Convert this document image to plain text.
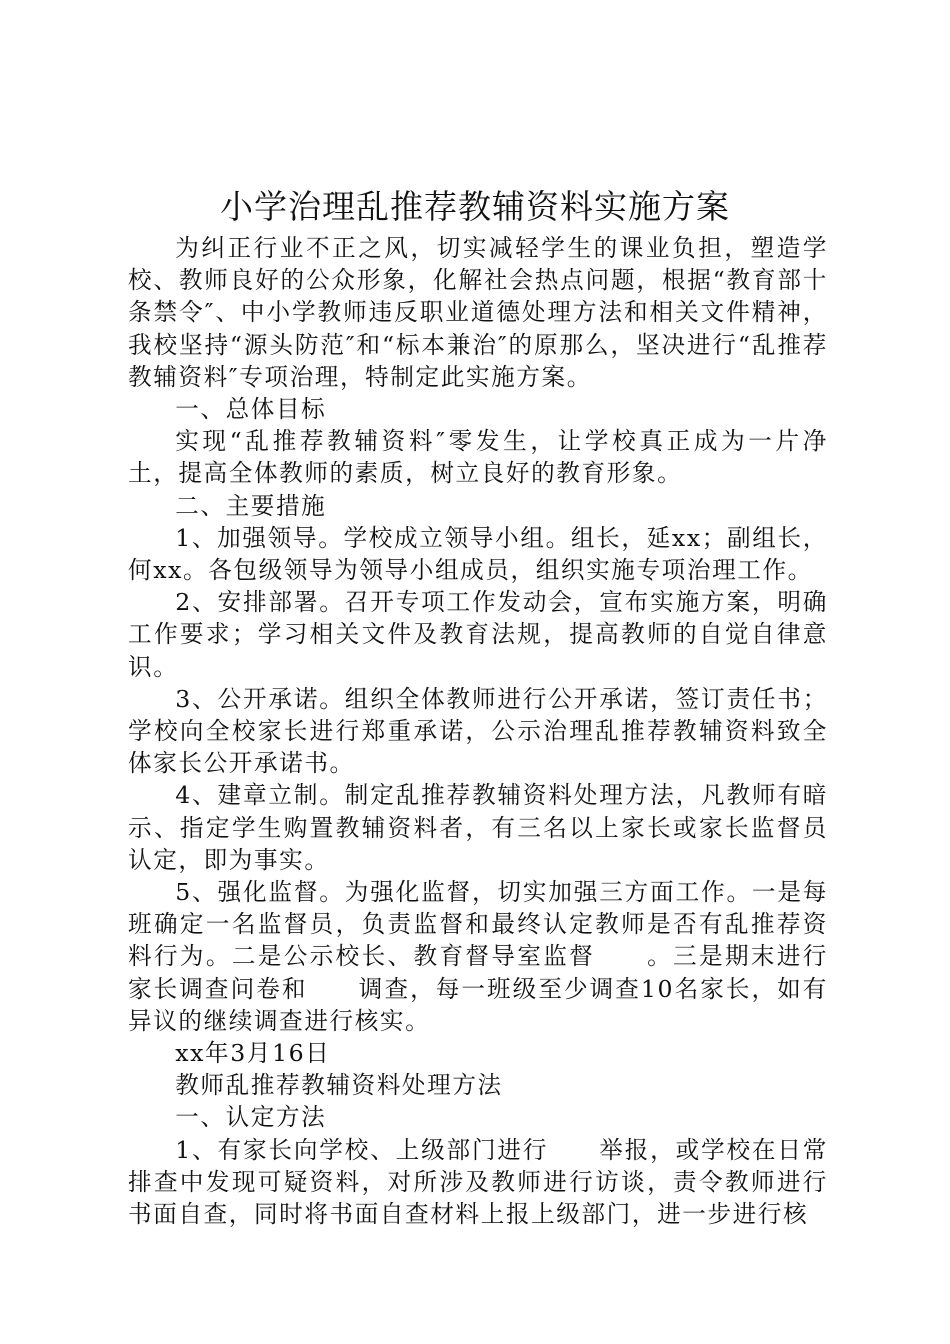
小学治理乱推荐教辅资料实施方案

为纠正行业不正之风，切实减轻学生的课业负担，塑造学校、教师良好的公众形象，化解社会热点问题，根据“教育部十条禁令″、中小学教师违反职业道德处理方法和相关文件精神，我校坚持“源头防范″和“标本兼治″的原那么，坚决进行“乱推荐教辅资料″专项治理，特制定此实施方案。

一、总体目标

实现“乱推荐教辅资料″零发生，让学校真正成为一片净土，提高全体教师的素质，树立良好的教育形象。

二、主要措施

1、加强领导。学校成立领导小组。组长，延xx；副组长，何xx。各包级领导为领导小组成员，组织实施专项治理工作。

2、安排部署。召开专项工作发动会，宣布实施方案，明确工作要求；学习相关文件及教育法规，提高教师的自觉自律意识。

3、公开承诺。组织全体教师进行公开承诺，签订责任书；学校向全校家长进行郑重承诺，公示治理乱推荐教辅资料致全体家长公开承诺书。

4、建章立制。制定乱推荐教辅资料处理方法，凡教师有暗示、指定学生购置教辅资料者，有三名以上家长或家长监督员认定，即为事实。

5、强化监督。为强化监督，切实加强三方面工作。一是每班确定一名监督员，负责监督和最终认定教师是否有乱推荐资料行为。二是公示校长、教育督导室监督　　。三是期末进行家长调查问卷和　　调查，每一班级至少调查10名家长，如有异议的继续调查进行核实。

xx年3月16日

教师乱推荐教辅资料处理方法

一、认定方法

1、有家长向学校、上级部门进行　　举报，或学校在日常排查中发现可疑资料，对所涉及教师进行访谈，责令教师进行书面自查，同时将书面自查材料上报上级部门，进一步进行核
